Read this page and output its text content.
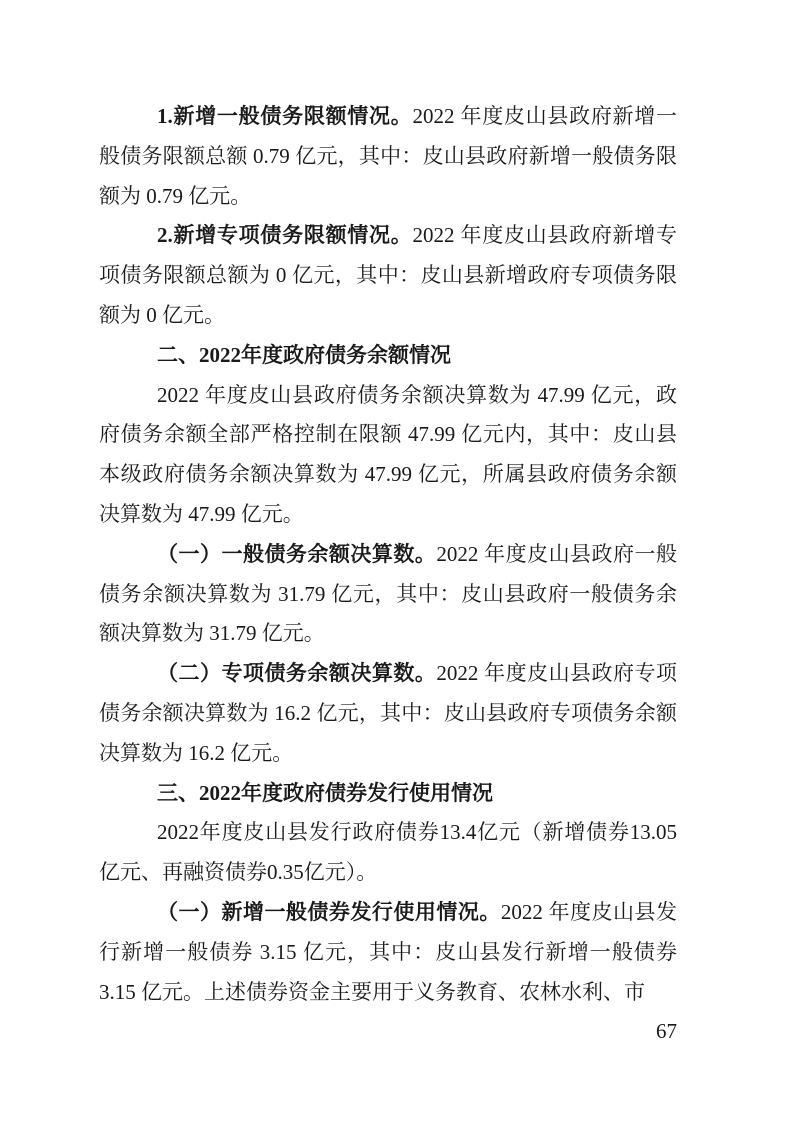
1.新增一般债务限额情况。2022 年度皮山县政府新增一般债务限额总额 0.79 亿元，其中：皮山县政府新增一般债务限额为 0.79 亿元。

2.新增专项债务限额情况。2022 年度皮山县政府新增专项债务限额总额为 0 亿元，其中：皮山县新增政府专项债务限额为 0 亿元。

二、2022年度政府债务余额情况

2022 年度皮山县政府债务余额决算数为 47.99 亿元，政府债务余额全部严格控制在限额 47.99 亿元内，其中：皮山县本级政府债务余额决算数为 47.99 亿元，所属县政府债务余额决算数为 47.99 亿元。

（一）一般债务余额决算数。2022 年度皮山县政府一般债务余额决算数为 31.79 亿元，其中：皮山县政府一般债务余额决算数为 31.79 亿元。

（二）专项债务余额决算数。2022 年度皮山县政府专项债务余额决算数为 16.2 亿元，其中：皮山县政府专项债务余额决算数为 16.2 亿元。

三、2022年度政府债券发行使用情况

2022年度皮山县发行政府债券13.4亿元（新增债券13.05亿元、再融资债券0.35亿元）。

（一）新增一般债券发行使用情况。2022 年度皮山县发行新增一般债券 3.15 亿元，其中：皮山县发行新增一般债券 3.15 亿元。上述债券资金主要用于义务教育、农林水利、市

67
